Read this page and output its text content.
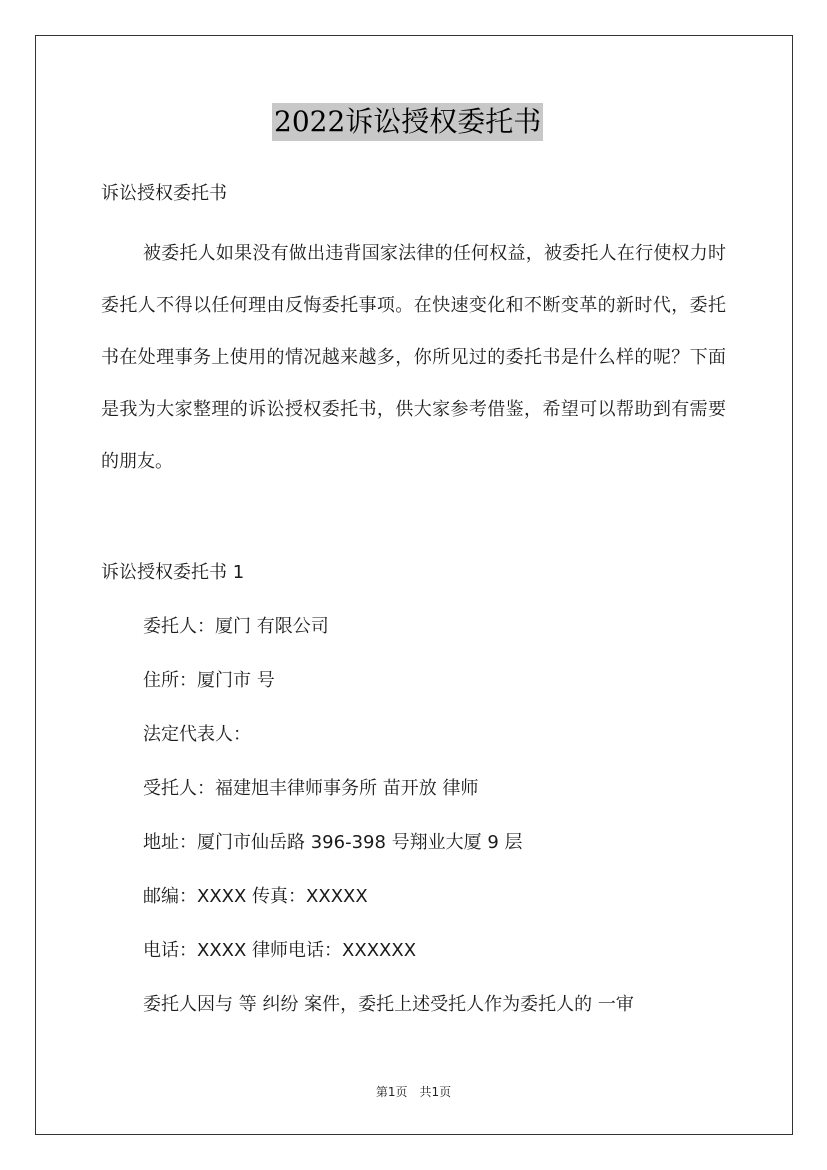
2022诉讼授权委托书
诉讼授权委托书

被委托人如果没有做出违背国家法律的任何权益，被委托人在行使权力时委托人不得以任何理由反悔委托事项。在快速变化和不断变革的新时代，委托书在处理事务上使用的情况越来越多，你所见过的委托书是什么样的呢？下面是我为大家整理的诉讼授权委托书，供大家参考借鉴，希望可以帮助到有需要的朋友。

诉讼授权委托书 1
委托人：厦门 有限公司
住所：厦门市 号
法定代表人：
受托人：福建旭丰律师事务所 苗开放 律师
地址：厦门市仙岳路 396-398 号翔业大厦 9 层
邮编：XXXX 传真：XXXXX
电话：XXXX 律师电话：XXXXXX
委托人因与 等 纠纷 案件，委托上述受托人作为委托人的 一审
第1页　共1页
